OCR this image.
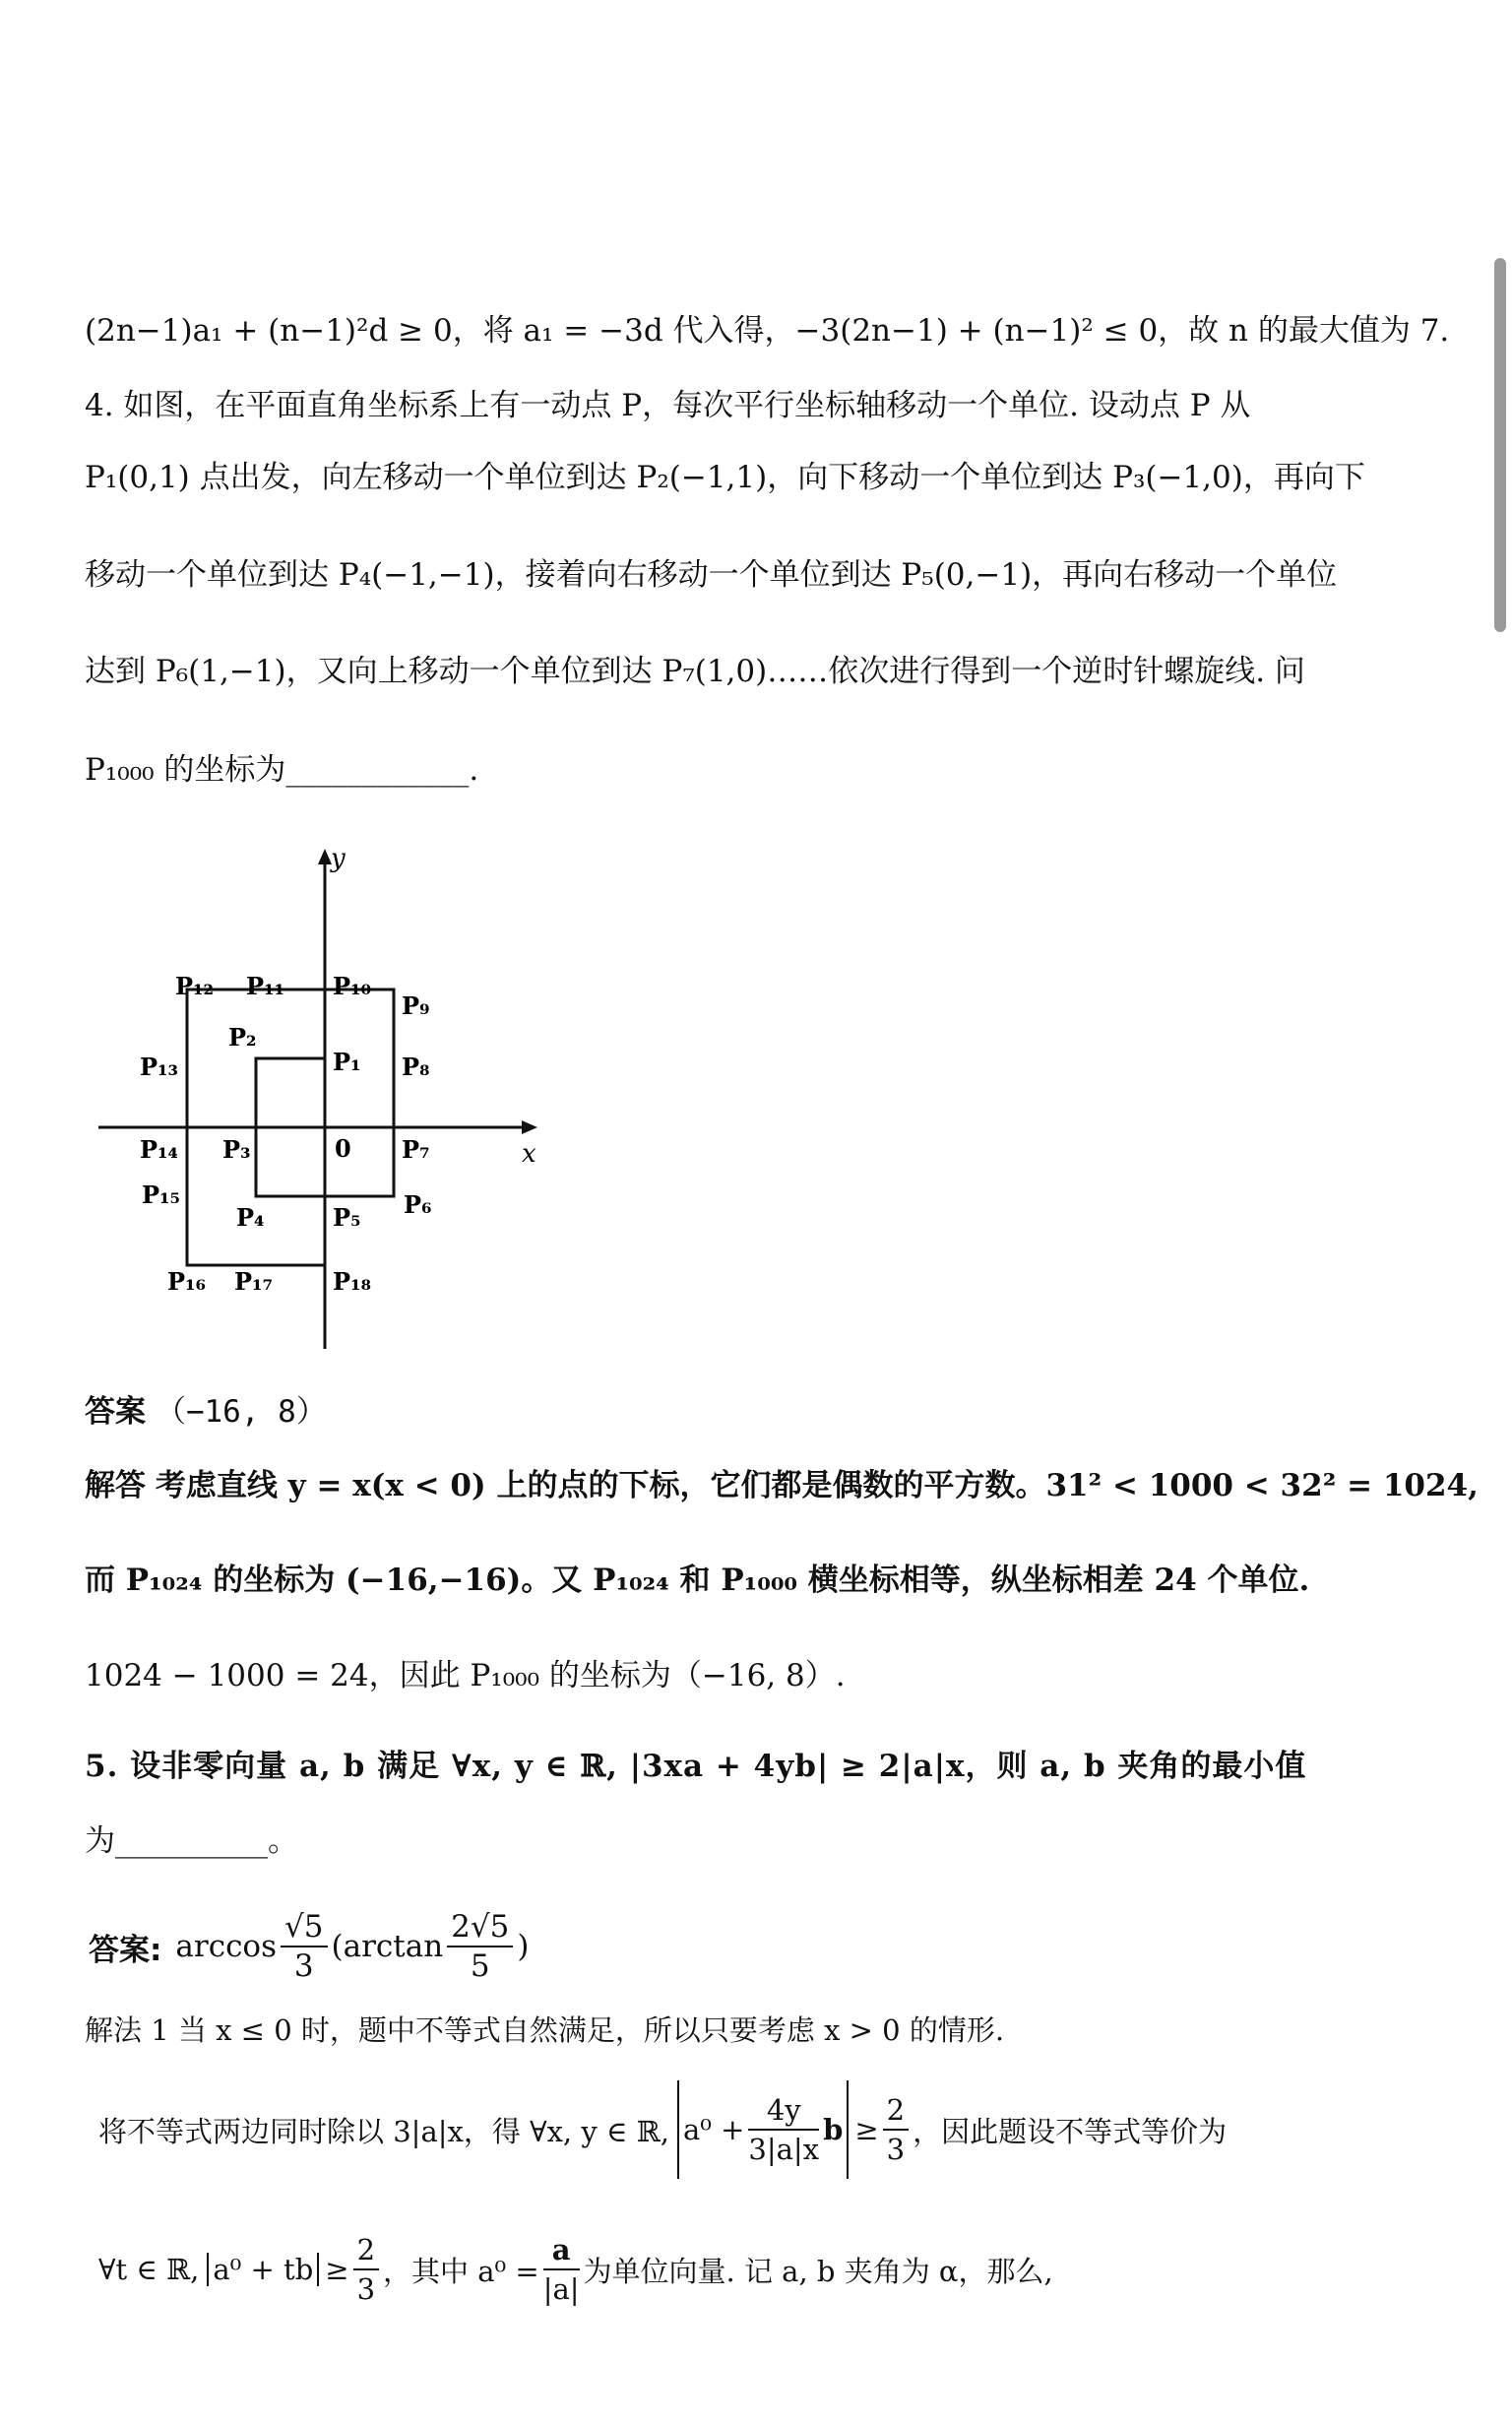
(2n−1)a₁ + (n−1)²d ≥ 0，将 a₁ = −3d 代入得，−3(2n−1) + (n−1)² ≤ 0，故 n 的最大值为 7.
4. 如图，在平面直角坐标系上有一动点 P，每次平行坐标轴移动一个单位. 设动点 P 从
P₁(0,1) 点出发，向左移动一个单位到达 P₂(−1,1)，向下移动一个单位到达 P₃(−1,0)，再向下
移动一个单位到达 P₄(−1,−1)，接着向右移动一个单位到达 P₅(0,−1)，再向右移动一个单位
达到 P₆(1,−1)，又向上移动一个单位到达 P₇(1,0)……依次进行得到一个逆时针螺旋线. 问
P₁₀₀₀ 的坐标为____________.
x
y
0
P₁
P₂
P₃
P₄	P₅ P₆
P₇
P₈
P₉
P₁₀
P₁₁
P₁₂
P₁₃
P₁₄
P₁₅
P₁₆ P₁₇	P₁₈
答案 （−16, 8）
解答 考虑直线 y = x(x < 0) 上的点的下标，它们都是偶数的平方数。31² < 1000 < 32² = 1024,
而 P₁₀₂₄ 的坐标为 (−16,−16)。又 P₁₀₂₄ 和 P₁₀₀₀ 横坐标相等，纵坐标相差 24 个单位.
1024 − 1000 = 24，因此 P₁₀₀₀ 的坐标为（−16, 8）.
5. 设非零向量 a, b 满足 ∀x, y ∈ ℝ, |3xa + 4yb| ≥ 2|a|x，则 a, b 夹角的最小值
为__________。
答案: $\arccos \frac{√5}{3} (\arctan \frac{2√5}{5}$ )
解法 1 当 x ≤ 0 时，题中不等式自然满足，所以只要考虑 x > 0 的情形.
将不等式两边同时除以 3|a|x，得 ∀x, y ∈ ℝ, $a^0 + \frac{4y}{3|a|x}$ $b \ge \frac{2}{3}$ ，因此题设不等式等价为
∀t ∈ ℝ, a⁰ + tb ≥ $\frac{2}{3}$ ，其中 $a^0 = \frac{a}{|a|}$ 为单位向量. 记 a, b 夹角为 α，那么,
